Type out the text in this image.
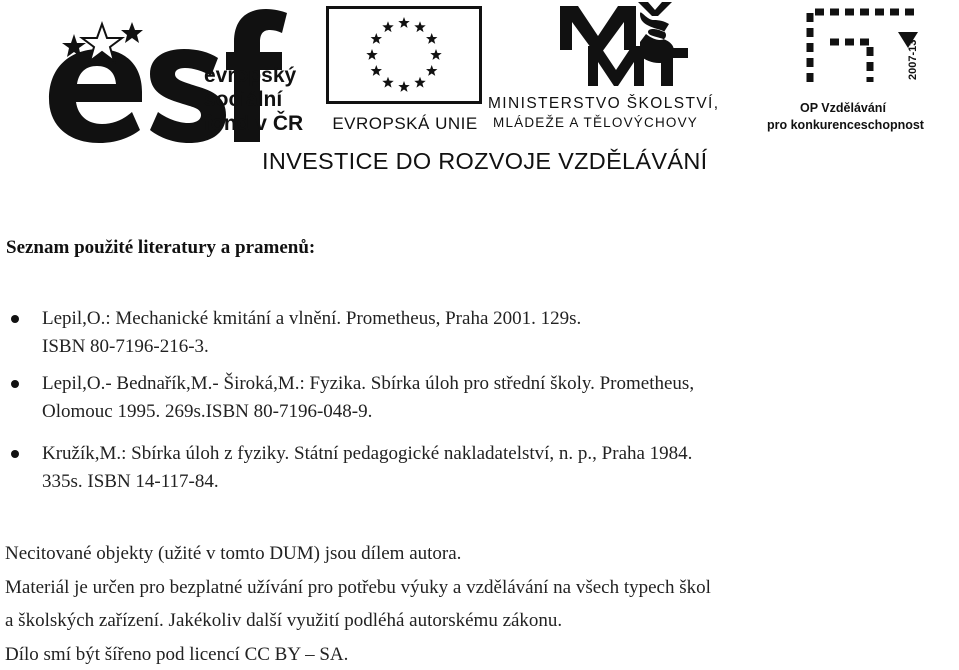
evropský
sociální
fond v ČR	EVROPSKÁ UNIE
MINISTERSTVO ŠKOLSTVÍ,
MLÁDEŽE A TĚLOVÝCHOVY
2007-13
OP Vzdělávání
pro konkurenceschopnost
INVESTICE DO ROZVOJE VZDĚLÁVÁNÍ
Seznam použité literatury a pramenů:
Lepil,O.: Mechanické kmitání a vlnění. Prometheus, Praha 2001. 129s.
ISBN 80-7196-216-3.
Lepil,O.- Bednařík,M.- Široká,M.: Fyzika. Sbírka úloh pro střední školy. Prometheus,
Olomouc 1995. 269s.ISBN 80-7196-048-9.
Kružík,M.: Sbírka úloh z fyziky. Státní pedagogické nakladatelství, n. p., Praha 1984.
335s. ISBN 14-117-84.
Necitované objekty (užité v tomto DUM) jsou dílem autora.
Materiál je určen pro bezplatné užívání pro potřebu výuky a vzdělávání na všech typech škol
a školských zařízení. Jakékoliv další využití podléhá autorskému zákonu.
Dílo smí být šířeno pod licencí CC BY – SA.
